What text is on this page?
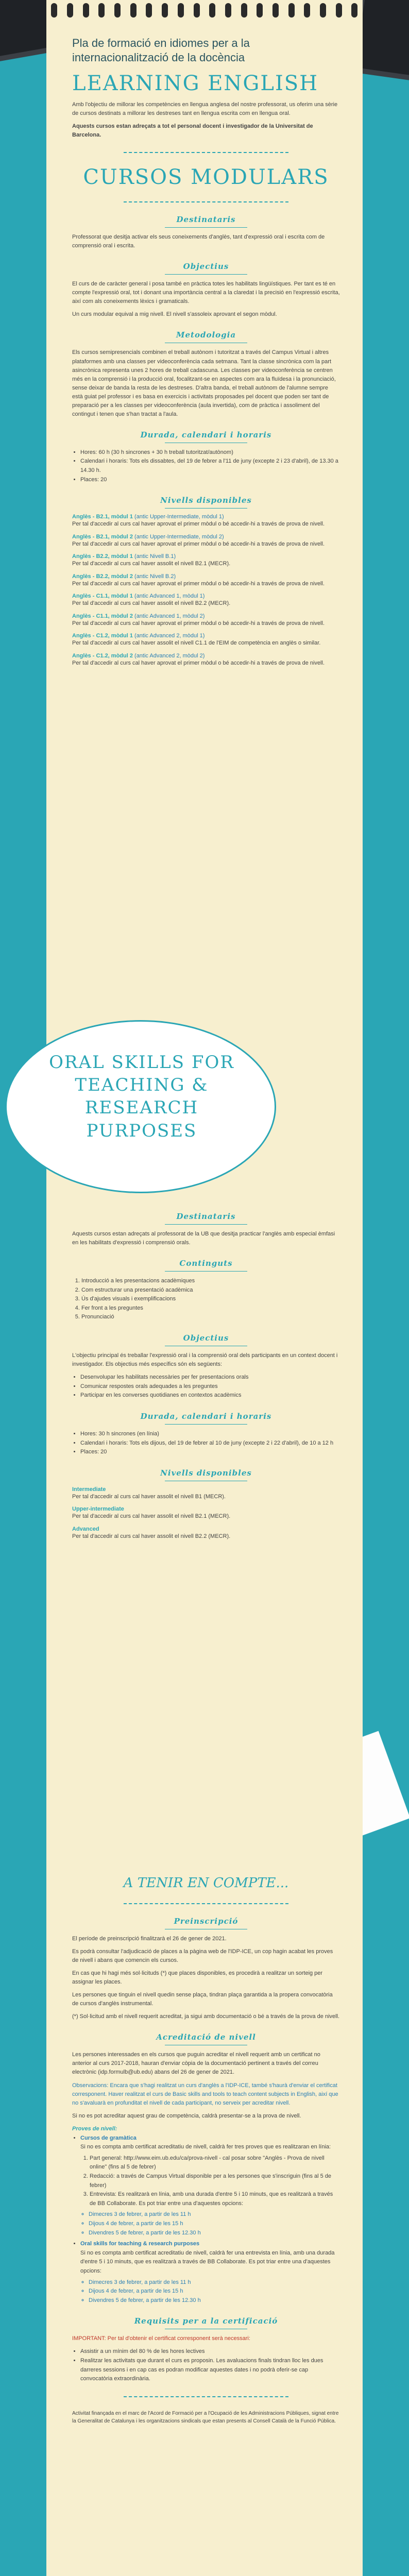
Pla de formació en idiomes per a la internacionalització de la docència
LEARNING ENGLISH

Amb l'objectiu de millorar les competències en llengua anglesa del nostre professorat, us oferim una sèrie de cursos destinats a millorar les destreses tant en llengua escrita com en llengua oral.

Aquests cursos estan adreçats a tot el personal docent i investigador de la Universitat de Barcelona.

CURSOS MODULARS
Destinataris

Professorat que desitja activar els seus coneixements d'anglès, tant d'expressió oral i escrita com de comprensió oral i escrita.

Objectius

El curs de de caràcter general i posa també en pràctica totes les habilitats lingüístiques. Per tant es té en compte l'expressió oral, tot i donant una importància central a la claredat i la precisió en l'expressió escrita, així com als coneixements lèxics i gramaticals.

Un curs modular equival a mig nivell. El nivell s'assoleix aprovant el segon mòdul.

Metodologia

Els cursos semipresencials combinen el treball autònom i tutoritzat a través del Campus Virtual i altres plataformes amb una classes per videoconferència cada setmana. Tant la classe sincrònica com la part asincrònica representa unes 2 hores de treball cadascuna. Les classes per videoconferència se centren més en la comprensió i la producció oral, focalitzant-se en aspectes com ara la fluïdesa i la pronunciació, sense deixar de banda la resta de les destreses. D'altra banda, el treball autònom de l'alumne sempre està guiat pel professor i es basa en exercicis i activitats proposades pel docent que poden ser tant de preparació per a les classes per videoconferència (aula invertida), com de pràctica i assoliment del contingut i tenen que s'han tractat a l'aula.

Durada, calendari i horaris
• Hores: 60 h (30 h sincrones + 30 h treball tutoritzat/autònom)
• Calendari i horaris: Tots els dissabtes, del 19 de febrer a l'11 de juny (excepte 2 i 23 d'abril), de 13.30 a 14.30 h.
• Places: 20
Nivells disponibles
Anglès - B2.1, mòdul 1 (antic Upper-Intermediate, mòdul 1)
Per tal d'accedir al curs cal haver aprovat el primer mòdul o bé accedir-hi a través de prova de nivell.
Anglès - B2.1, mòdul 2 (antic Upper-Intermediate, mòdul 2)
Per tal d'accedir al curs cal haver aprovat el primer mòdul o bé accedir-hi a través de prova de nivell.
Anglès - B2.2, mòdul 1 (antic Nivell B.1)
Per tal d'accedir al curs cal haver assolit el nivell B2.1 (MECR).
Anglès - B2.2, mòdul 2 (antic Nivell B.2)
Per tal d'accedir al curs cal haver aprovat el primer mòdul o bé accedir-hi a través de prova de nivell.
Anglès - C1.1, mòdul 1 (antic Advanced 1, mòdul 1)
Per tal d'accedir al curs cal haver assolit el nivell B2.2 (MECR).
Anglès - C1.1, mòdul 2 (antic Advanced 1, mòdul 2)
Per tal d'accedir al curs cal haver aprovat el primer mòdul o bé accedir-hi a través de prova de nivell.
Anglès - C1.2, mòdul 1 (antic Advanced 2, mòdul 1)
Per tal d'accedir al curs cal haver assolit el nivell C1.1 de l'EIM de competència en anglès o similar.
Anglès - C1.2, mòdul 2 (antic Advanced 2, mòdul 2)
Per tal d'accedir al curs cal haver aprovat el primer mòdul o bé accedir-hi a través de prova de nivell.
ORAL SKILLS FOR TEACHING & RESEARCH PURPOSES
Destinataris

Aquests cursos estan adreçats al professorat de la UB que desitja practicar l'anglès amb especial èmfasi en les habilitats d'expressió i comprensió orals.

Continguts
1. Introducció a les presentacions acadèmiques
2. Com estructurar una presentació acadèmica
3. Ús d'ajudes visuals i exemplificacions
4. Fer front a les preguntes
5. Pronunciació
Objectius

L'objectiu principal és treballar l'expressió oral i la comprensió oral dels participants en un context docent i investigador. Els objectius més específics són els següents:

• Desenvolupar les habilitats necessàries per fer presentacions orals
• Comunicar respostes orals adequades a les preguntes
• Participar en les converses quotidianes en contextos acadèmics
Durada, calendari i horaris
• Hores: 30 h sincrones (en línia)
• Calendari i horaris: Tots els dijous, del 19 de febrer al 10 de juny (excepte 2 i 22 d'abril), de 10 a 12 h
• Places: 20
Nivells disponibles
Intermediate
Per tal d'accedir al curs cal haver assolit el nivell B1 (MECR).
Upper-intermediate
Per tal d'accedir al curs cal haver assolit el nivell B2.1 (MECR).
Advanced
Per tal d'accedir al curs cal haver assolit el nivell B2.2 (MECR).
A TENIR EN COMPTE...
Preinscripció

El període de preinscripció finalitzarà el 26 de gener de 2021.

Es podrà consultar l'adjudicació de places a la pàgina web de l'IDP-ICE, un cop hagin acabat les proves de nivell i abans que comencin els cursos.

En cas que hi hagi més sol·licituds (*) que places disponibles, es procedirà a realitzar un sorteig per assignar les places.

Les persones que tinguin el nivell quedin sense plaça, tindran plaça garantida a la propera convocatòria de cursos d'anglès instrumental.

(*) Sol·licitud amb el nivell requerit acreditat, ja sigui amb documentació o bé a través de la prova de nivell.

Acreditació de nivell

Les persones interessades en els cursos que puguin acreditar el nivell requerit amb un certificat no anterior al curs 2017-2018, hauran d'enviar còpia de la documentació pertinent a través del correu electrònic (idp.formulb@ub.edu) abans del 26 de gener de 2021.

Observacions: Encara que s'hagi realitzat un curs d'anglès a l'IDP-ICE, també s'haurà d'enviar el certificat corresponent. Haver realitzat el curs de Basic skills and tools to teach content subjects in English, així que no s'avaluarà en profunditat el nivell de cada participant, no serveix per acreditar nivell.

Si no es pot acreditar aquest grau de competència, caldrà presentar-se a la prova de nivell.

Proves de nivell:
• Cursos de gramàtica
Si no es compta amb certificat acreditatiu de nivell, caldrà fer tres proves que es realitzaran en línia:
1. Part general: http://www.eim.ub.edu/ca/prova-nivell - cal posar sobre "Anglès - Prova de nivell online" (fins al 5 de febrer)
2. Redacció: a través de Campus Virtual disponible per a les persones que s'inscriguin (fins al 5 de febrer)
3. Entrevista: Es realitzarà en línia, amb una durada d'entre 5 i 10 minuts, que es realitzarà a través de BB Collaborate. Es pot triar entre una d'aquestes opcions:
◦ Dimecres 3 de febrer, a partir de les 11 h
◦ Dijous 4 de febrer, a partir de les 15 h
◦ Divendres 5 de febrer, a partir de les 12.30 h
• Oral skills for teaching & research purposes
Si no es compta amb certificat acreditatiu de nivell, caldrà fer una entrevista en línia, amb una durada d'entre 5 i 10 minuts, que es realitzarà a través de BB Collaborate. Es pot triar entre una d'aquestes opcions:
◦ Dimecres 3 de febrer, a partir de les 11 h
◦ Dijous 4 de febrer, a partir de les 15 h
◦ Divendres 5 de febrer, a partir de les 12.30 h
Requisits per a la certificació

IMPORTANT: Per tal d'obtenir el certificat corresponent serà necessari:

• Assistir a un mínim del 80 % de les hores lectives
• Realitzar les activitats que durant el curs es proposin. Les avaluacions finals tindran lloc les dues darreres sessions i en cap cas es podran modificar aquestes dates i no podrà oferir-se cap convocatòria extraordinària.

Activitat finançada en el marc de l'Acord de Formació per a l'Ocupació de les Administracions Públiques, signat entre la Generalitat de Catalunya i les organitzacions sindicals que estan presents al Consell Català de la Funció Pública.
